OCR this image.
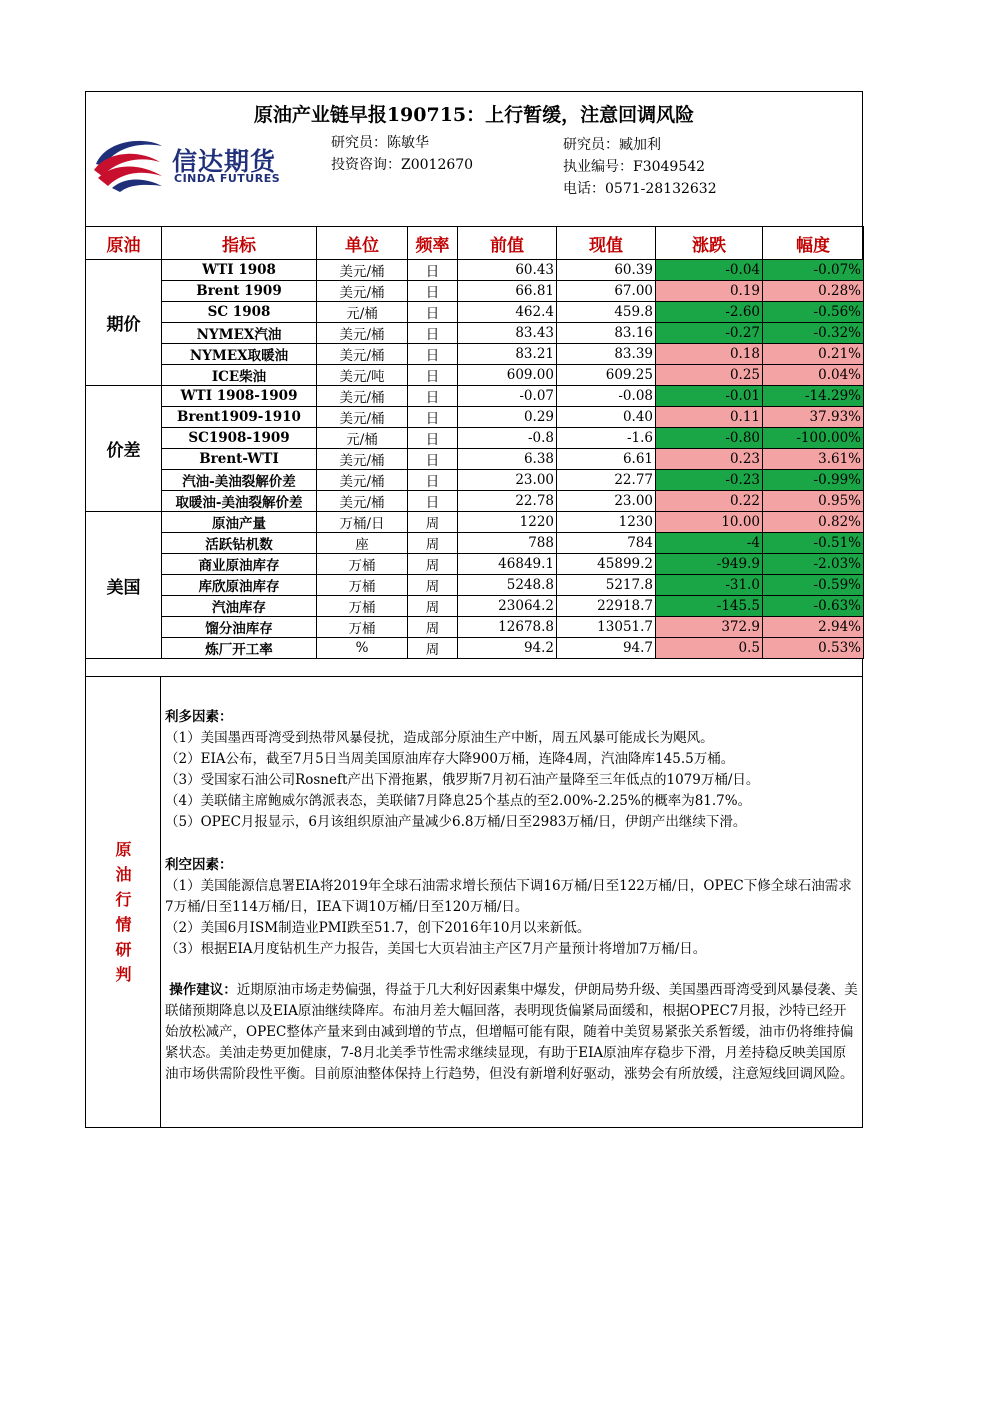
原油产业链早报190715：上行暂缓，注意回调风险
信达期货
CINDA FUTURES
研究员：陈敏华
投资咨询：Z0012670
研究员：臧加利
执业编号：F3049542
电话：0571-28132632
原油	指标	单位	频率	前值	现值	涨跌	幅度
期价	WTI 1908	美元/桶	日	60.43	60.39	-0.04	-0.07%
	Brent 1909	美元/桶	日	66.81	67.00	0.19	0.28%
	SC 1908	元/桶	日	462.4	459.8	-2.60	-0.56%
	NYMEX汽油	美元/桶	日	83.43	83.16	-0.27	-0.32%
	NYMEX取暖油	美元/桶	日	83.21	83.39	0.18	0.21%
	ICE柴油	美元/吨	日	609.00	609.25	0.25	0.04%
价差	WTI 1908-1909	美元/桶	日	-0.07	-0.08	-0.01	-14.29%
	Brent1909-1910	美元/桶	日	0.29	0.40	0.11	37.93%
	SC1908-1909	元/桶	日	-0.8	-1.6	-0.80	-100.00%
	Brent-WTI	美元/桶	日	6.38	6.61	0.23	3.61%
	汽油-美油裂解价差	美元/桶	日	23.00	22.77	-0.23	-0.99%
	取暖油-美油裂解价差	美元/桶	日	22.78	23.00	0.22	0.95%
美国	原油产量	万桶/日	周	1220	1230	10.00	0.82%
	活跃钻机数	座	周	788	784	-4	-0.51%
	商业原油库存	万桶	周	46849.1	45899.2	-949.9	-2.03%
	库欣原油库存	万桶	周	5248.8	5217.8	-31.0	-0.59%
	汽油库存	万桶	周	23064.2	22918.7	-145.5	-0.63%
	馏分油库存	万桶	周	12678.8	13051.7	372.9	2.94%
	炼厂开工率	%	周	94.2	94.7	0.5	0.53%
原
油
行
情
研
判

利多因素：

（1）美国墨西哥湾受到热带风暴侵扰，造成部分原油生产中断，周五风暴可能成长为飓风。

（2）EIA公布，截至7月5日当周美国原油库存大降900万桶，连降4周，汽油降库145.5万桶。

（3）受国家石油公司Rosneft产出下滑拖累，俄罗斯7月初石油产量降至三年低点的1079万桶/日。

（4）美联储主席鲍威尔鸽派表态，美联储7月降息25个基点的至2.00%-2.25%的概率为81.7%。

（5）OPEC月报显示，6月该组织原油产量减少6.8万桶/日至2983万桶/日，伊朗产出继续下滑。

利空因素：

（1）美国能源信息署EIA将2019年全球石油需求增长预估下调16万桶/日至122万桶/日，OPEC下修全球石油需求7万桶/日至114万桶/日，IEA下调10万桶/日至120万桶/日。

（2）美国6月ISM制造业PMI跌至51.7，创下2016年10月以来新低。

（3）根据EIA月度钻机生产力报告，美国七大页岩油主产区7月产量预计将增加7万桶/日。

操作建议：近期原油市场走势偏强，得益于几大利好因素集中爆发，伊朗局势升级、美国墨西哥湾受到风暴侵袭、美联储预期降息以及EIA原油继续降库。布油月差大幅回落，表明现货偏紧局面缓和，根据OPEC7月报，沙特已经开始放松减产，OPEC整体产量来到由减到增的节点，但增幅可能有限，随着中美贸易紧张关系暂缓，油市仍将维持偏紧状态。美油走势更加健康，7-8月北美季节性需求继续显现，有助于EIA原油库存稳步下滑，月差持稳反映美国原油市场供需阶段性平衡。目前原油整体保持上行趋势，但没有新增利好驱动，涨势会有所放缓，注意短线回调风险。
